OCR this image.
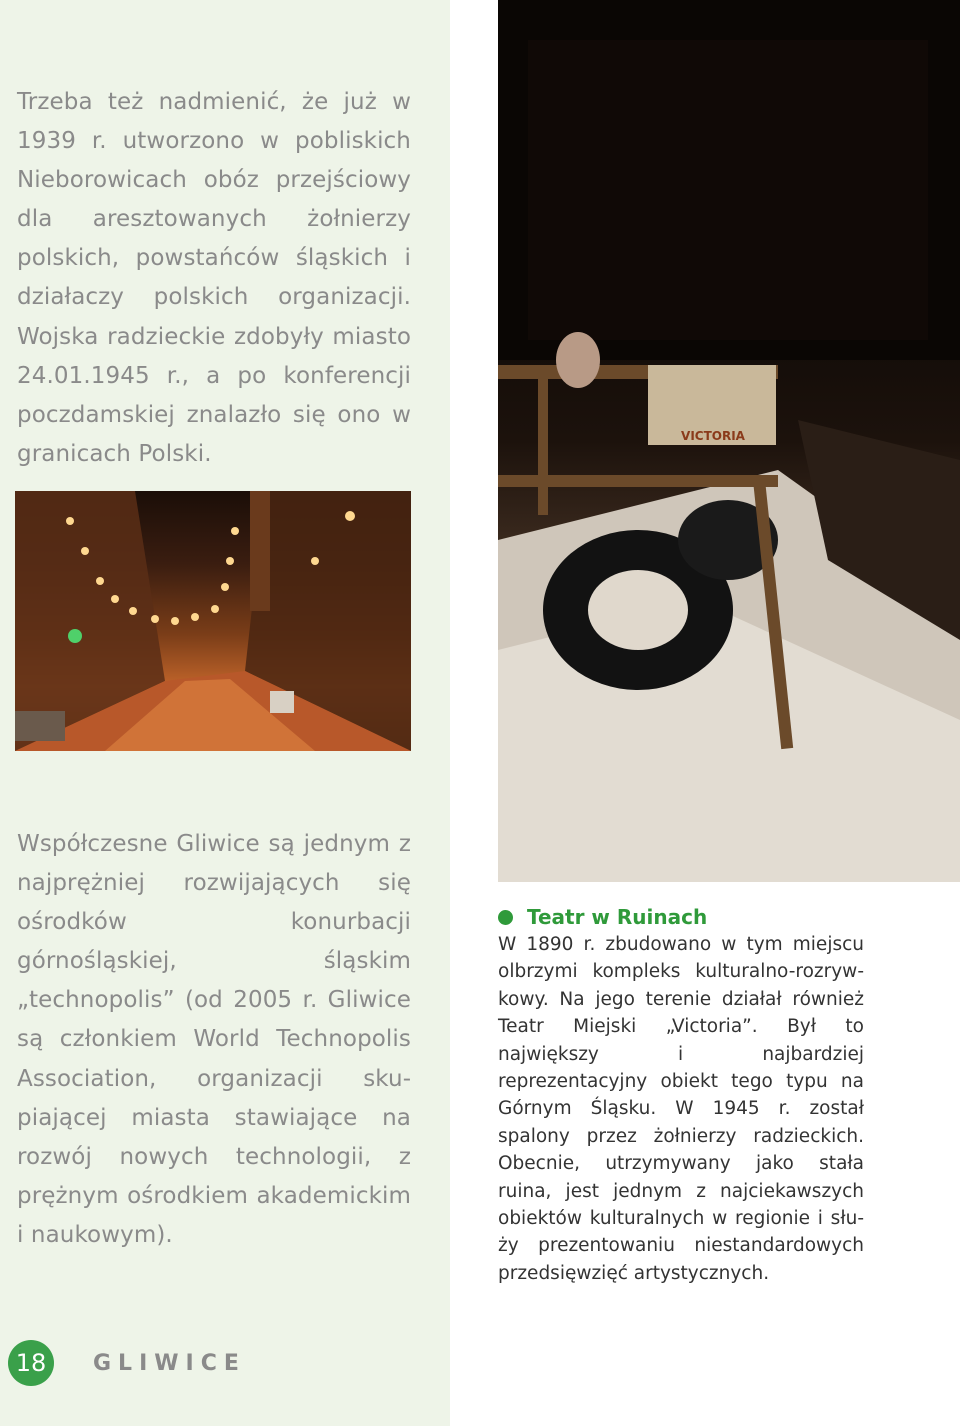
Trzeba też nadmienić, że już w 1939 r. utworzono w pobliskich Nieborowicach obóz przejściowy dla aresztowanych żołnierzy polskich, powstańców śląskich i działaczy polskich organizacji. Wojska radzieckie zdobyły miasto 24.01.1945 r., a po konferencji poczdamskiej znalazło się ono w granicach Polski.

Współczesne Gliwice są jednym z najprężniej rozwijających się ośrodków konurbacji górnośląskiej, śląskim „technopolis” (od 2005 r. Gliwice są członkiem World Technopolis Association, organizacji skupiającej miasta stawiające na rozwój nowych technologii, z prężnym ośrodkiem akademickim i naukowym).

VICTORIA
Teatr w Ruinach

W 1890 r. zbudowano w tym miejscu olbrzymi kompleks kulturalno-rozrywkowy. Na jego terenie działał również Teatr Miejski „Victoria”. Był to największy i najbardziej reprezentacyjny obiekt tego typu na Górnym Śląsku. W 1945 r. został spalony przez żołnierzy radzieckich. Obecnie, utrzymywany jako stała ruina, jest jednym z najciekawszych obiektów kulturalnych w regionie i służy prezentowaniu niestandardowych przedsięwzięć artystycznych.

18 GLIWICE
